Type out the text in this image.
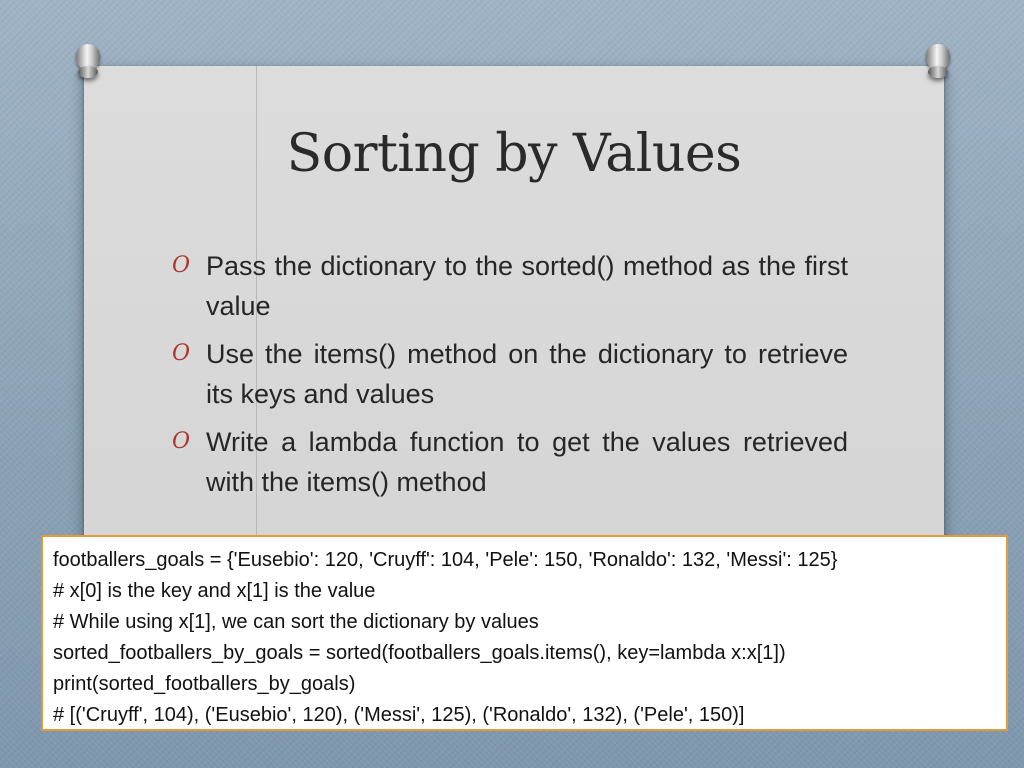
Sorting by Values
O Pass the dictionary to the sorted() method as the first value
O Use the items() method on the dictionary to retrieve its keys and values
O Write a lambda function to get the values retrieved with the items() method

footballers_goals = {'Eusebio': 120, 'Cruyff': 104, 'Pele': 150, 'Ronaldo': 132, 'Messi': 125}

# x[0] is the key and x[1] is the value

# While using x[1], we can sort the dictionary by values

sorted_footballers_by_goals = sorted(footballers_goals.items(), key=lambda x:x[1])

print(sorted_footballers_by_goals)

# [('Cruyff', 104), ('Eusebio', 120), ('Messi', 125), ('Ronaldo', 132), ('Pele', 150)]
